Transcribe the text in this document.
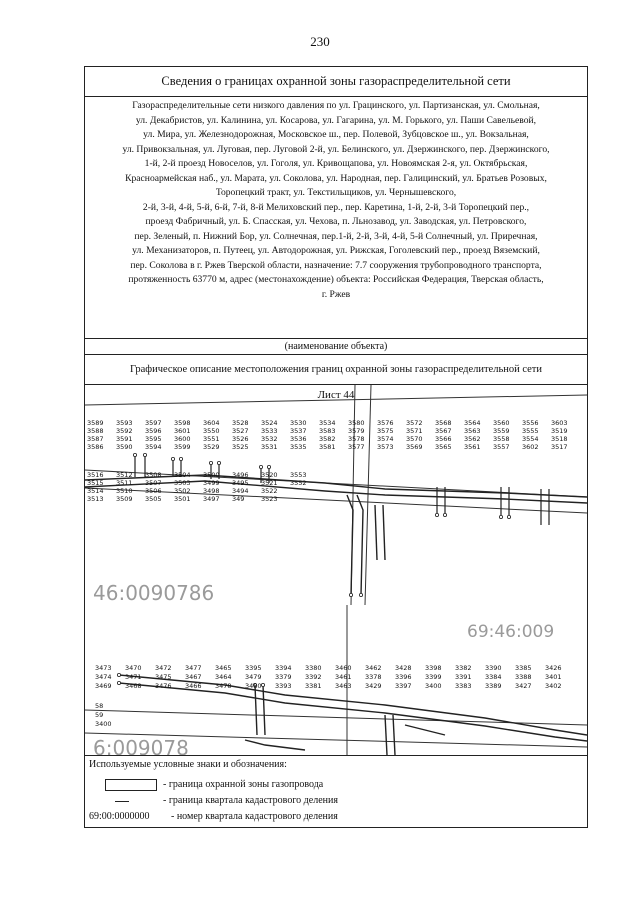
230
Сведения о границах охранной зоны газораспределительной сети
Газораспределительные сети низкого давления по ул. Грацинского, ул. Партизанская, ул. Смольная,
ул. Декабристов, ул. Калинина, ул. Косарова, ул. Гагарина, ул. М. Горького, ул. Паши Савельевой,
ул. Мира, ул. Железнодорожная, Московское ш., пер. Полевой, Зубцовское ш., ул. Вокзальная,
ул. Привокзальная, ул. Луговая, пер. Луговой 2-й, ул. Белинского, ул. Дзержинского, пер. Дзержинского,
1-й, 2-й проезд Новоселов, ул. Гоголя, ул. Кривощапова, ул. Новоямская 2-я, ул. Октябрьская,
Красноармейская наб., ул. Марата, ул. Соколова, ул. Народная, пер. Галицинский, ул. Братьев Розовых,
Торопецкий тракт, ул. Текстильщиков, ул. Чернышевского,
2-й, 3-й, 4-й, 5-й, 6-й, 7-й, 8-й Мелиховский пер., пер. Каретина, 1-й, 2-й, 3-й Торопецкий пер.,
проезд Фабричный, ул. Б. Спасская, ул. Чехова, п. Льнозавод, ул. Заводская, ул. Петровского,
пер. Зеленый, п. Нижний Бор, ул. Солнечная, пер.1-й, 2-й, 3-й, 4-й, 5-й Солнечный, ул. Приречная,
ул. Механизаторов, п. Путеец, ул. Автодорожная, ул. Рижская, Гоголевский пер., проезд Вяземский,
пер. Соколова в г. Ржев Тверской области, назначение: 7.7 сооружения трубопроводного транспорта,
протяженность 63770 м, адрес (местонахождение) объекта: Российская Федерация, Тверская область,
г. Ржев
(наименование объекта)
Графическое описание местоположения границ охранной зоны газораспределительной сети
Лист 44
46:0090786
69:46:009
6:009078
3589
3588
3587
3586
3593
3592
3591
3590
3597
3596
3595
3594
3598
3601
3600
3599
3604
3550
3551
3529
3528
3527
3526
3525
3524
3533
3532
3531
3530
3537
3536
3535
3534
3583
3582
3581
3580
3579
3578
3577
3576
3575
3574
3573
3572
3571
3570
3569
3568
3567
3566
3565
3564
3563
3562
3561
3560
3559
3558
3557
3556
3555
3554
3602
3603
3519
3518
3517
3516
3515
3514
3513
3512
3511
3510
3509
3508
3507
3506
3505
3504
3503
3502
3501
3500
3499
3498
3497
3496
3495
3494
349
3520
3521
3522
3523
3553
3552
3473
3474
3469
3470
3471
3468
3472
3475
3476
3477
3467
3466
3465
3464
3478
3395
3479
3480
3394
3379
3393
3380
3392
3381
3460
3461
3463
3462
3378
3429
3428
3396
3397
3398
3399
3400
3382
3391
3383
3390
3384
3389
3385
3388
3427
3426
3401
3402
58
59
3400
Используемые условные знаки и обозначения:
- граница охранной зоны газопровода
- граница квартала кадастрового деления
69:00:0000000 - номер квартала кадастрового деления
